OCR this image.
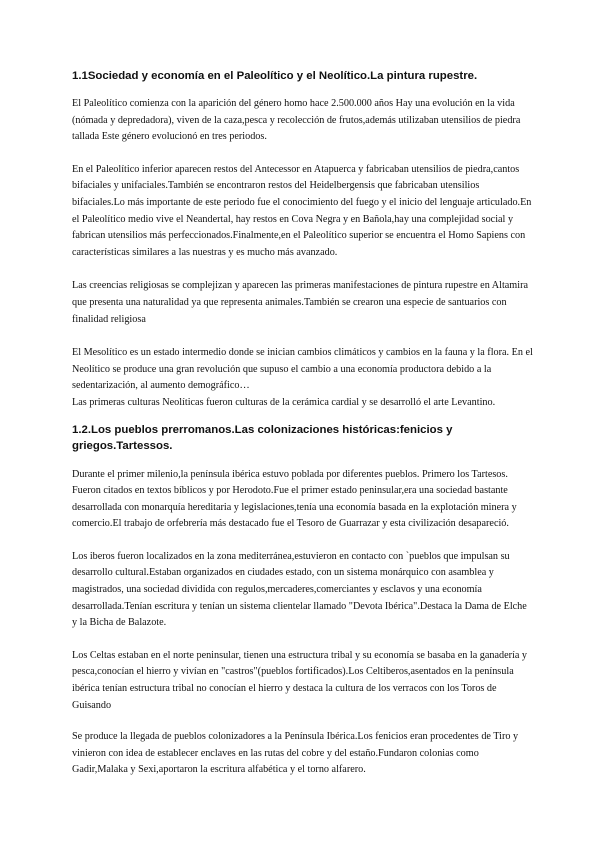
1.1Sociedad y economía en el Paleolítico y el Neolítico.La pintura rupestre.

El Paleolítico comienza con la aparición del género homo hace 2.500.000 años Hay una evolución en la vida (nómada y depredadora), viven de la caza,pesca y recolección de frutos,además utilizaban utensilios de piedra tallada Este género evolucionó en tres periodos.

En el Paleolítico inferior aparecen restos del Antecessor en Atapuerca y fabricaban utensilios de piedra,cantos bifaciales y unifaciales.También se encontraron restos del Heidelbergensis que fabricaban utensilios bifaciales.Lo más importante de este periodo fue el conocimiento del fuego y el inicio del lenguaje articulado.En el Paleolítico medio vive el Neandertal, hay restos en Cova Negra y en Bañola,hay una complejidad social y fabrican utensilios más perfeccionados.Finalmente,en el Paleolítico superior se encuentra el Homo Sapiens con características similares a las nuestras y es mucho más avanzado.

Las creencias religiosas se complejizan y aparecen las primeras manifestaciones de pintura rupestre en Altamira que presenta una naturalidad ya que representa animales.También se crearon una especie de santuarios con finalidad religiosa

El Mesolítico es un estado intermedio donde se inician cambios climáticos y cambios en la fauna y la flora. En el Neolítico se produce una gran revolución que supuso el cambio a una economía productora debido a la sedentarización, al aumento demográfico…

Las primeras culturas Neolíticas fueron culturas de la cerámica cardial y se desarrolló el arte Levantino.

1.2.Los pueblos prerromanos.Las colonizaciones históricas:fenicios y griegos.Tartessos.

Durante el primer milenio,la península ibérica estuvo poblada por diferentes pueblos. Primero los Tartesos. Fueron citados en textos bíblicos y por Herodoto.Fue el primer estado peninsular,era una sociedad bastante desarrollada con monarquía hereditaria y legislaciones,tenía una economía basada en la explotación minera y comercio.El trabajo de orfebrería más destacado fue el Tesoro de Guarrazar y esta civilización desapareció.

Los iberos fueron localizados en la zona mediterránea,estuvieron en contacto con `pueblos que impulsan su desarrollo cultural.Estaban organizados en ciudades estado, con un sistema monárquico con asamblea y magistrados, una sociedad dividida con regulos,mercaderes,comerciantes y esclavos y una economía desarrollada.Tenían escritura y tenían un sistema clientelar llamado "Devota Ibérica".Destaca la Dama de Elche y la Bicha de Balazote.

Los Celtas estaban en el norte peninsular, tienen una estructura tribal y su economía se basaba en la ganadería y pesca,conocían el hierro y vivían en "castros"(pueblos fortificados).Los Celtiberos,asentados en la península ibérica tenían estructura tribal no conocían el hierro y destaca la cultura de los verracos con los Toros de Guisando

Se produce la llegada de pueblos colonizadores a la Península Ibérica.Los fenicios eran procedentes de Tiro y vinieron con idea de establecer enclaves en las rutas del cobre y del estaño.Fundaron colonias como Gadir,Malaka y Sexi,aportaron la escritura alfabética y el torno alfarero.
